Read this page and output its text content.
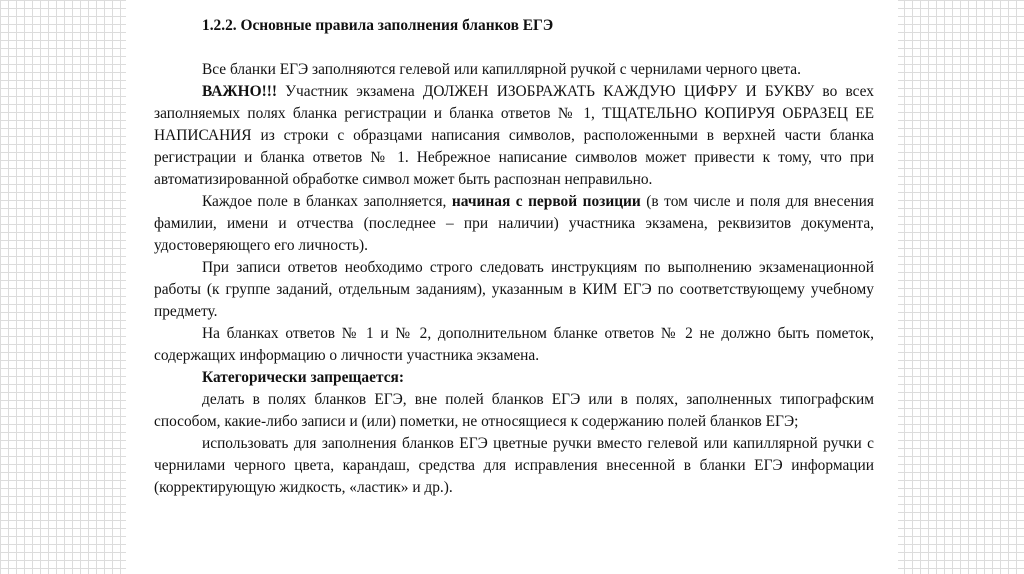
1.2.2. Основные правила заполнения бланков ЕГЭ

Все бланки ЕГЭ заполняются гелевой или капиллярной ручкой с чернилами черного цвета.

ВАЖНО!!! Участник экзамена ДОЛЖЕН ИЗОБРАЖАТЬ КАЖДУЮ ЦИФРУ И БУКВУ во всех заполняемых полях бланка регистрации и бланка ответов № 1, ТЩАТЕЛЬНО КОПИРУЯ ОБРАЗЕЦ ЕЕ НАПИСАНИЯ из строки с образцами написания символов, расположенными в верхней части бланка регистрации и бланка ответов № 1. Небрежное написание символов может привести к тому, что при автоматизированной обработке символ может быть распознан неправильно.

Каждое поле в бланках заполняется, начиная с первой позиции (в том числе и поля для внесения фамилии, имени и отчества (последнее – при наличии) участника экзамена, реквизитов документа, удостоверяющего его личность).

При записи ответов необходимо строго следовать инструкциям по выполнению экзаменационной работы (к группе заданий, отдельным заданиям), указанным в КИМ ЕГЭ по соответствующему учебному предмету.

На бланках ответов № 1 и № 2, дополнительном бланке ответов № 2 не должно быть пометок, содержащих информацию о личности участника экзамена.

Категорически запрещается:

делать в полях бланков ЕГЭ, вне полей бланков ЕГЭ или в полях, заполненных типографским способом, какие-либо записи и (или) пометки, не относящиеся к содержанию полей бланков ЕГЭ;

использовать для заполнения бланков ЕГЭ цветные ручки вместо гелевой или капиллярной ручки с чернилами черного цвета, карандаш, средства для исправления внесенной в бланки ЕГЭ информации (корректирующую жидкость, «ластик» и др.).
